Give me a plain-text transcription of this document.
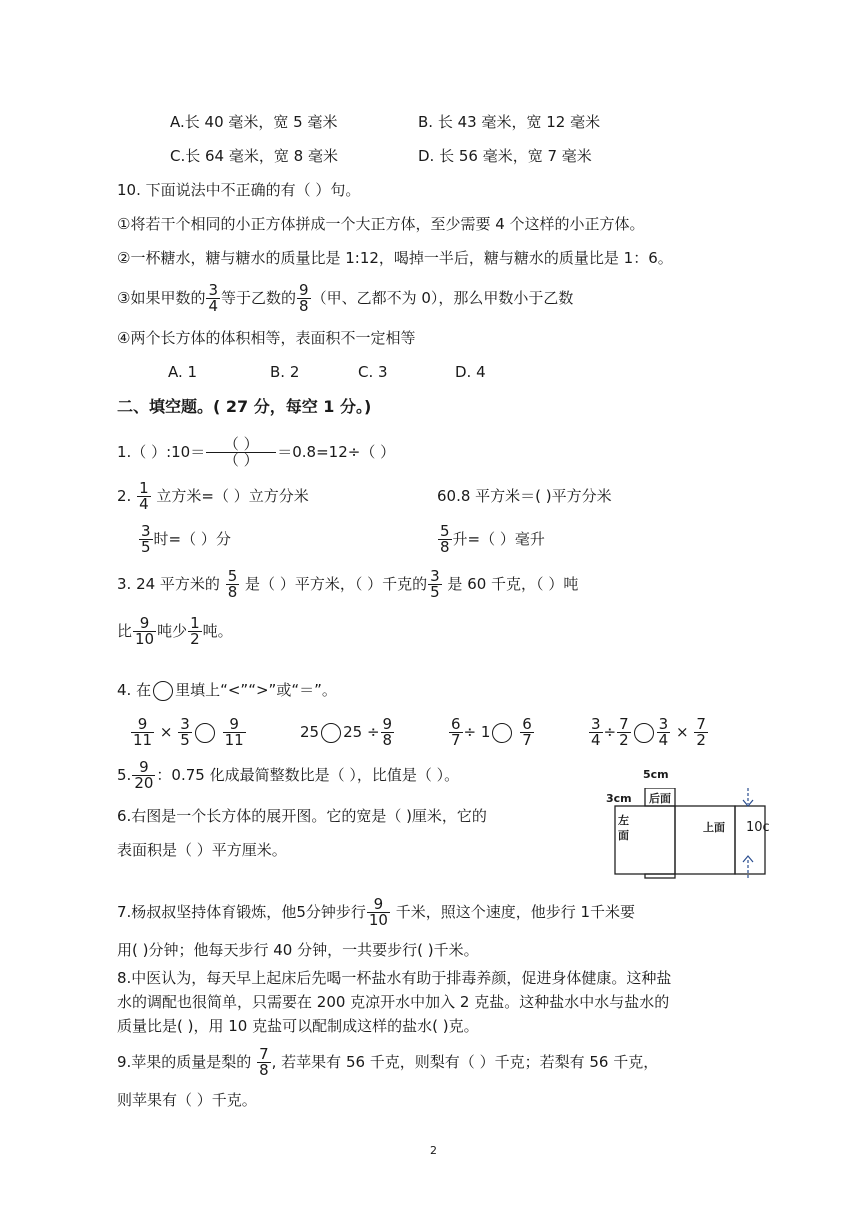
A.长 40 毫米，宽 5 毫米	B. 长 43 毫米，宽 12 毫米
C.长 64 毫米，宽 8 毫米	D. 长 56 毫米，宽 7 毫米
10. 下面说法中不正确的有（ ）句。
①将若干个相同的小正方体拼成一个大正方体，至少需要 4 个这样的小正方体。
②一杯糖水，糖与糖水的质量比是 1:12，喝掉一半后，糖与糖水的质量比是 1：6。
③如果甲数的 $\frac{3}{4}$ 等于乙数的 $\frac{9}{8}$ （甲、乙都不为 0），那么甲数小于乙数
④两个长方体的体积相等，表面积不一定相等
A. 1	B. 2	C. 3	D. 4
二、填空题。( 27 分，每空 1 分。)
1.（ ）:10＝	（ ）
（ ）	＝0.8=12÷（ ）
2. $\frac{1}{4}$ 立方米=（ ）立方分米	60.8 平方米＝( )平方分米
$\frac{3}{5}$ 时=（ ）分	$\frac{5}{8}$ 升=（ ）毫升
3. 24 平方米的 $\frac{5}{8}$ 是（ ）平方米，（ ）千克的 $\frac{3}{5}$ 是 60 千克，（ ）吨
比 $\frac{9}{10}$ 吨少 $\frac{1}{2}$ 吨。
4. 在 里填上“<”“>”或“＝”。
$\frac{9}{11} \times \frac{3}{5}$
$\frac{9}{11}$	25 $25 \div \frac{9}{8}$	$\frac{6}{7} \div 1 \frac{6}{7}$	$\frac{3}{4} \div \frac{7}{2} \frac{3}{4} \times \frac{7}{2}$
5. $\frac{9}{20}$ ：0.75 化成最简整数比是（ ），比值是（ ）。
6.右图是一个长方体的展开图。它的宽是（ )厘米，它的
表面积是（ ）平方厘米。
5cm
3cm 后面
左
面
上面 10c
7.杨叔叔坚持体育锻炼，他5分钟步行 $\frac{9}{10}$ 千米，照这个速度，他步行 1千米要
用( )分钟；他每天步行 40 分钟，一共要步行( )千米。
8.中医认为，每天早上起床后先喝一杯盐水有助于排毒养颜，促进身体健康。这种盐
水的调配也很简单，只需要在 200 克凉开水中加入 2 克盐。这种盐水中水与盐水的
质量比是( )，用 10 克盐可以配制成这样的盐水( )克。
9.苹果的质量是梨的 $\frac{7}{8}$ , 若苹果有 56 千克，则梨有（ ）千克；若梨有 56 千克，
则苹果有（ ）千克。
2
